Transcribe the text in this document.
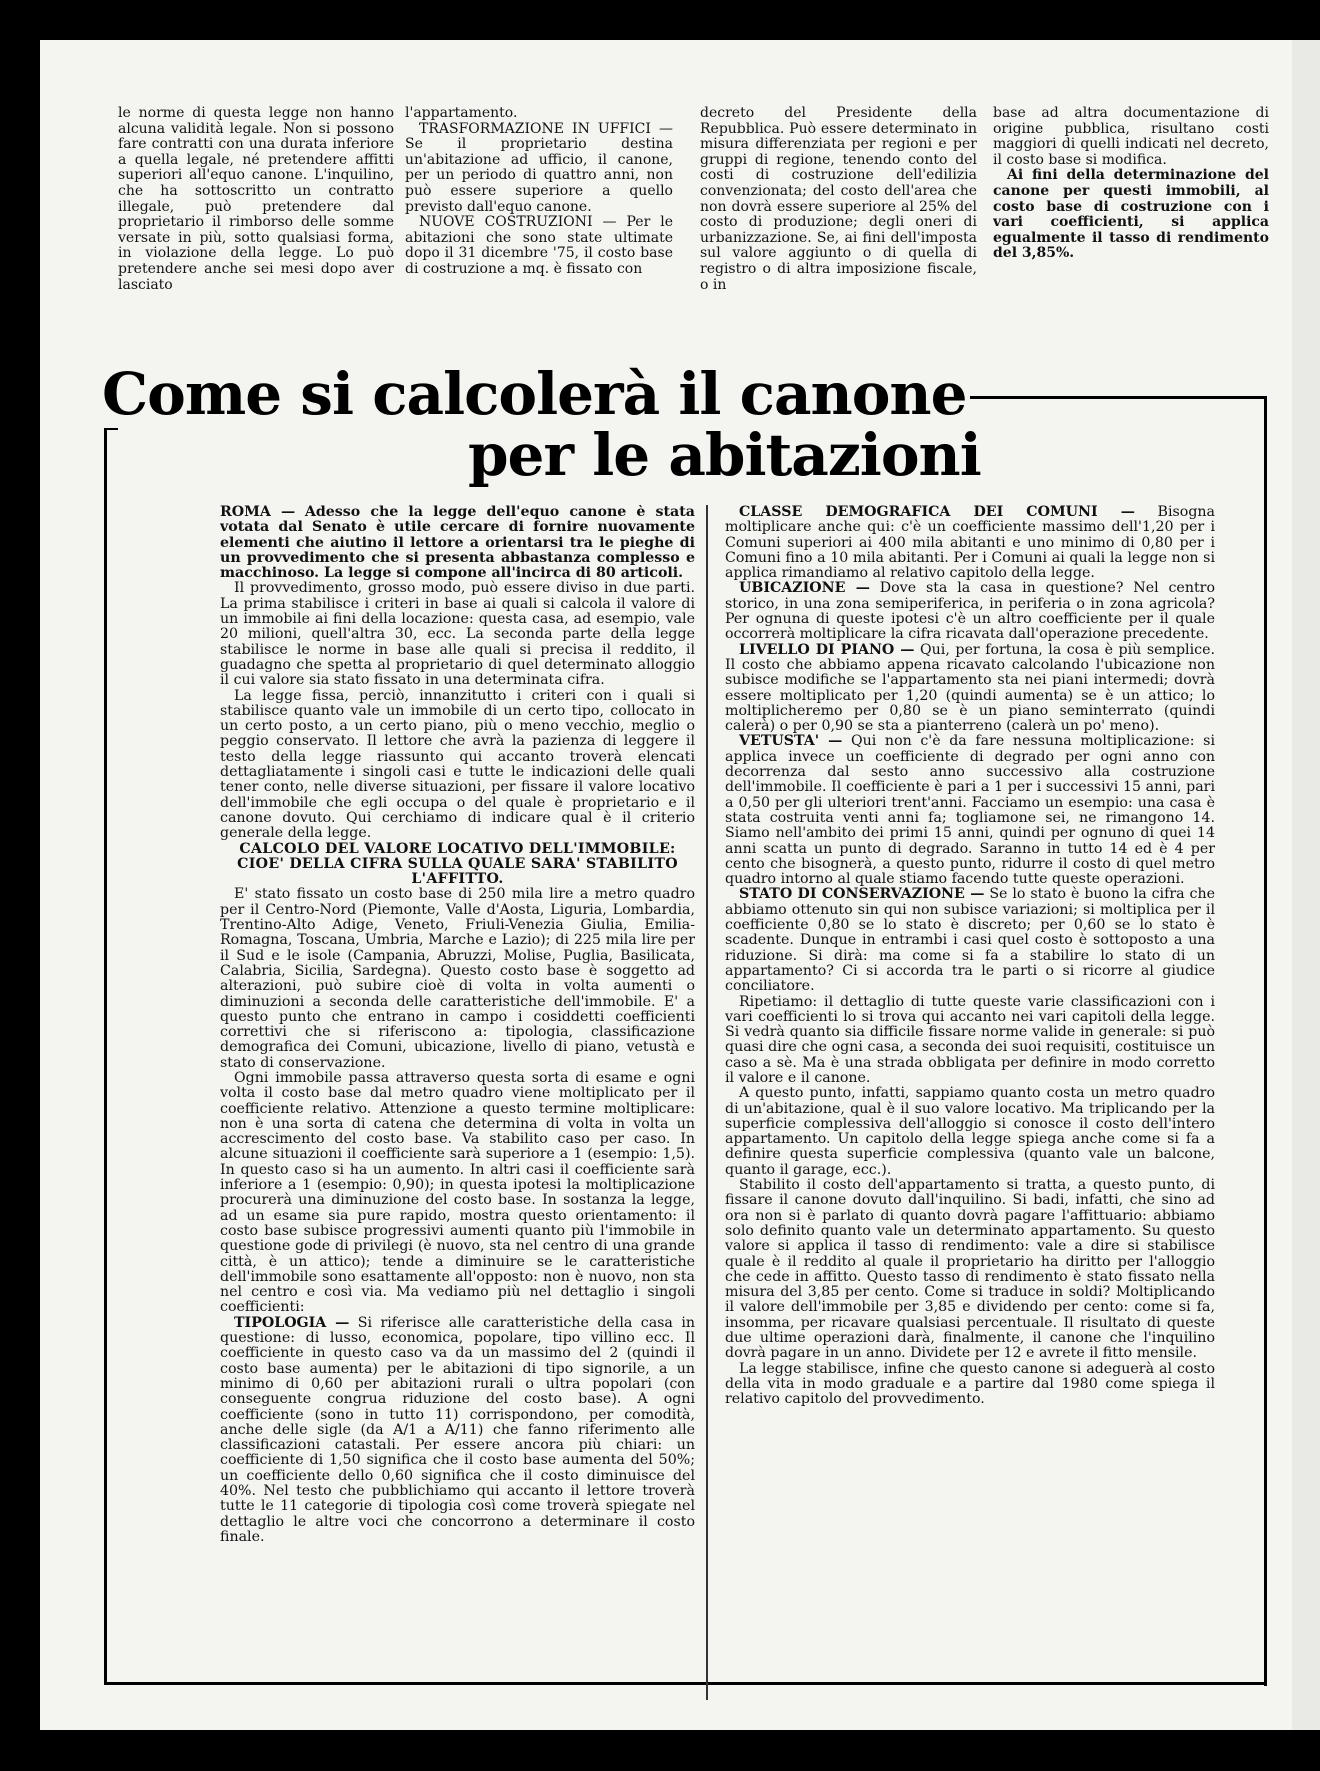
le norme di questa legge non hanno alcuna validità legale. Non si possono fare contratti con una durata inferiore a quella legale, né pretendere affitti superiori all'equo canone. L'inquilino, che ha sottoscritto un contratto illegale, può pretendere dal proprietario il rimborso delle somme versate in più, sotto qualsiasi forma, in violazione della legge. Lo può pretendere anche sei mesi dopo aver lasciato

l'appartamento.

TRASFORMAZIONE IN UFFICI — Se il proprietario destina un'abitazione ad ufficio, il canone, per un periodo di quattro anni, non può essere superiore a quello previsto dall'equo canone.

NUOVE COSTRUZIONI — Per le abitazioni che sono state ultimate dopo il 31 dicembre '75, il costo base di costruzione a mq. è fissato con

decreto del Presidente della Repubblica. Può essere determinato in misura differenziata per regioni e per gruppi di regione, tenendo conto del costi di costruzione dell'edilizia convenzionata; del costo dell'area che non dovrà essere superiore al 25% del costo di produzione; degli oneri di urbanizzazione. Se, ai fini dell'imposta sul valore aggiunto o di quella di registro o di altra imposizione fiscale, o in

base ad altra documentazione di origine pubblica, risultano costi maggiori di quelli indicati nel decreto, il costo base si modifica.

Ai fini della determinazione del canone per questi immobili, al costo base di costruzione con i vari coefficienti, si applica egualmente il tasso di rendimento del 3,85%.

Come si calcolerà il canone
per le abitazioni

ROMA — Adesso che la legge dell'equo canone è stata votata dal Senato è utile cercare di fornire nuovamente elementi che aiutino il lettore a orientarsi tra le pieghe di un provvedimento che si presenta abbastanza complesso e macchinoso. La legge si compone all'incirca di 80 articoli.

Il provvedimento, grosso modo, può essere diviso in due parti. La prima stabilisce i criteri in base ai quali si calcola il valore di un immobile ai fini della locazione: questa casa, ad esempio, vale 20 milioni, quell'altra 30, ecc. La seconda parte della legge stabilisce le norme in base alle quali si precisa il reddito, il guadagno che spetta al proprietario di quel determinato alloggio il cui valore sia stato fissato in una determinata cifra.

La legge fissa, perciò, innanzitutto i criteri con i quali si stabilisce quanto vale un immobile di un certo tipo, collocato in un certo posto, a un certo piano, più o meno vecchio, meglio o peggio conservato. Il lettore che avrà la pazienza di leggere il testo della legge riassunto qui accanto troverà elencati dettagliatamente i singoli casi e tutte le indicazioni delle quali tener conto, nelle diverse situazioni, per fissare il valore locativo dell'immobile che egli occupa o del quale è proprietario e il canone dovuto. Qui cerchiamo di indicare qual è il criterio generale della legge.

CALCOLO DEL VALORE LOCATIVO DELL'IMMOBILE: CIOE' DELLA CIFRA SULLA QUALE SARA' STABILITO L'AFFITTO.

E' stato fissato un costo base di 250 mila lire a metro quadro per il Centro-Nord (Piemonte, Valle d'Aosta, Liguria, Lombardia, Trentino-Alto Adige, Veneto, Friuli-Venezia Giulia, Emilia-Romagna, Toscana, Umbria, Marche e Lazio); di 225 mila lire per il Sud e le isole (Campania, Abruzzi, Molise, Puglia, Basilicata, Calabria, Sicilia, Sardegna). Questo costo base è soggetto ad alterazioni, può subire cioè di volta in volta aumenti o diminuzioni a seconda delle caratteristiche dell'immobile. E' a questo punto che entrano in campo i cosiddetti coefficienti correttivi che si riferiscono a: tipologia, classificazione demografica dei Comuni, ubicazione, livello di piano, vetustà e stato di conservazione.

Ogni immobile passa attraverso questa sorta di esame e ogni volta il costo base dal metro quadro viene moltiplicato per il coefficiente relativo. Attenzione a questo termine moltiplicare: non è una sorta di catena che determina di volta in volta un accrescimento del costo base. Va stabilito caso per caso. In alcune situazioni il coefficiente sarà superiore a 1 (esempio: 1,5). In questo caso si ha un aumento. In altri casi il coefficiente sarà inferiore a 1 (esempio: 0,90); in questa ipotesi la moltiplicazione procurerà una diminuzione del costo base. In sostanza la legge, ad un esame sia pure rapido, mostra questo orientamento: il costo base subisce progressivi aumenti quanto più l'immobile in questione gode di privilegi (è nuovo, sta nel centro di una grande città, è un attico); tende a diminuire se le caratteristiche dell'immobile sono esattamente all'opposto: non è nuovo, non sta nel centro e così via. Ma vediamo più nel dettaglio i singoli coefficienti:

TIPOLOGIA — Si riferisce alle caratteristiche della casa in questione: di lusso, economica, popolare, tipo villino ecc. Il coefficiente in questo caso va da un massimo del 2 (quindi il costo base aumenta) per le abitazioni di tipo signorile, a un minimo di 0,60 per abitazioni rurali o ultra popolari (con conseguente congrua riduzione del costo base). A ogni coefficiente (sono in tutto 11) corrispondono, per comodità, anche delle sigle (da A/1 a A/11) che fanno riferimento alle classificazioni catastali. Per essere ancora più chiari: un coefficiente di 1,50 significa che il costo base aumenta del 50%; un coefficiente dello 0,60 significa che il costo diminuisce del 40%. Nel testo che pubblichiamo qui accanto il lettore troverà tutte le 11 categorie di tipologia così come troverà spiegate nel dettaglio le altre voci che concorrono a determinare il costo finale.

CLASSE DEMOGRAFICA DEI COMUNI — Bisogna moltiplicare anche qui: c'è un coefficiente massimo dell'1,20 per i Comuni superiori ai 400 mila abitanti e uno minimo di 0,80 per i Comuni fino a 10 mila abitanti. Per i Comuni ai quali la legge non si applica rimandiamo al relativo capitolo della legge.

UBICAZIONE — Dove sta la casa in questione? Nel centro storico, in una zona semiperiferica, in periferia o in zona agricola? Per ognuna di queste ipotesi c'è un altro coefficiente per il quale occorrerà moltiplicare la cifra ricavata dall'operazione precedente.

LIVELLO DI PIANO — Qui, per fortuna, la cosa è più semplice. Il costo che abbiamo appena ricavato calcolando l'ubicazione non subisce modifiche se l'appartamento sta nei piani intermedi; dovrà essere moltiplicato per 1,20 (quindi aumenta) se è un attico; lo moltiplicheremo per 0,80 se è un piano seminterrato (quindi calerà) o per 0,90 se sta a pianterreno (calerà un po' meno).

VETUSTA' — Qui non c'è da fare nessuna moltiplicazione: si applica invece un coefficiente di degrado per ogni anno con decorrenza dal sesto anno successivo alla costruzione dell'immobile. Il coefficiente è pari a 1 per i successivi 15 anni, pari a 0,50 per gli ulteriori trent'anni. Facciamo un esempio: una casa è stata costruita venti anni fa; togliamone sei, ne rimangono 14. Siamo nell'ambito dei primi 15 anni, quindi per ognuno di quei 14 anni scatta un punto di degrado. Saranno in tutto 14 ed è 4 per cento che bisognerà, a questo punto, ridurre il costo di quel metro quadro intorno al quale stiamo facendo tutte queste operazioni.

STATO DI CONSERVAZIONE — Se lo stato è buono la cifra che abbiamo ottenuto sin qui non subisce variazioni; si moltiplica per il coefficiente 0,80 se lo stato è discreto; per 0,60 se lo stato è scadente. Dunque in entrambi i casi quel costo è sottoposto a una riduzione. Si dirà: ma come si fa a stabilire lo stato di un appartamento? Ci si accorda tra le parti o si ricorre al giudice conciliatore.

Ripetiamo: il dettaglio di tutte queste varie classificazioni con i vari coefficienti lo si trova qui accanto nei vari capitoli della legge. Si vedrà quanto sia difficile fissare norme valide in generale: si può quasi dire che ogni casa, a seconda dei suoi requisiti, costituisce un caso a sè. Ma è una strada obbligata per definire in modo corretto il valore e il canone.

A questo punto, infatti, sappiamo quanto costa un metro quadro di un'abitazione, qual è il suo valore locativo. Ma triplicando per la superficie complessiva dell'alloggio si conosce il costo dell'intero appartamento. Un capitolo della legge spiega anche come si fa a definire questa superficie complessiva (quanto vale un balcone, quanto il garage, ecc.).

Stabilito il costo dell'appartamento si tratta, a questo punto, di fissare il canone dovuto dall'inquilino. Si badi, infatti, che sino ad ora non si è parlato di quanto dovrà pagare l'affittuario: abbiamo solo definito quanto vale un determinato appartamento. Su questo valore si applica il tasso di rendimento: vale a dire si stabilisce quale è il reddito al quale il proprietario ha diritto per l'alloggio che cede in affitto. Questo tasso di rendimento è stato fissato nella misura del 3,85 per cento. Come si traduce in soldi? Moltiplicando il valore dell'immobile per 3,85 e dividendo per cento: come si fa, insomma, per ricavare qualsiasi percentuale. Il risultato di queste due ultime operazioni darà, finalmente, il canone che l'inquilino dovrà pagare in un anno. Dividete per 12 e avrete il fitto mensile.

La legge stabilisce, infine che questo canone si adeguerà al costo della vita in modo graduale e a partire dal 1980 come spiega il relativo capitolo del provvedimento.
